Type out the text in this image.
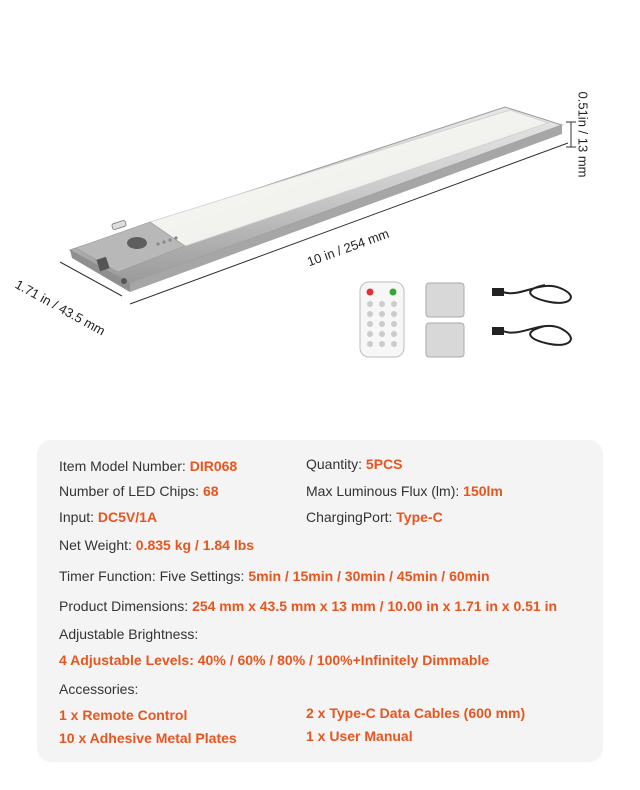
0.51in / 13 mm
10 in / 254 mm
1.71 in / 43.5 mm
Item Model Number: DIR068	Quantity: 5PCS
Number of LED Chips: 68	Max Luminous Flux (lm): 150lm
Input: DC5V/1A	ChargingPort: Type-C
Net Weight: 0.835 kg / 1.84 lbs
Timer Function: Five Settings: 5min / 15min / 30min / 45min / 60min
Product Dimensions: 254 mm x 43.5 mm x 13 mm / 10.00 in x 1.71 in x 0.51 in
Adjustable Brightness:
4 Adjustable Levels: 40% / 60% / 80% / 100%+Infinitely Dimmable
Accessories:
1 x Remote Control	2 x Type-C Data Cables (600 mm)
10 x Adhesive Metal Plates	1 x User Manual
